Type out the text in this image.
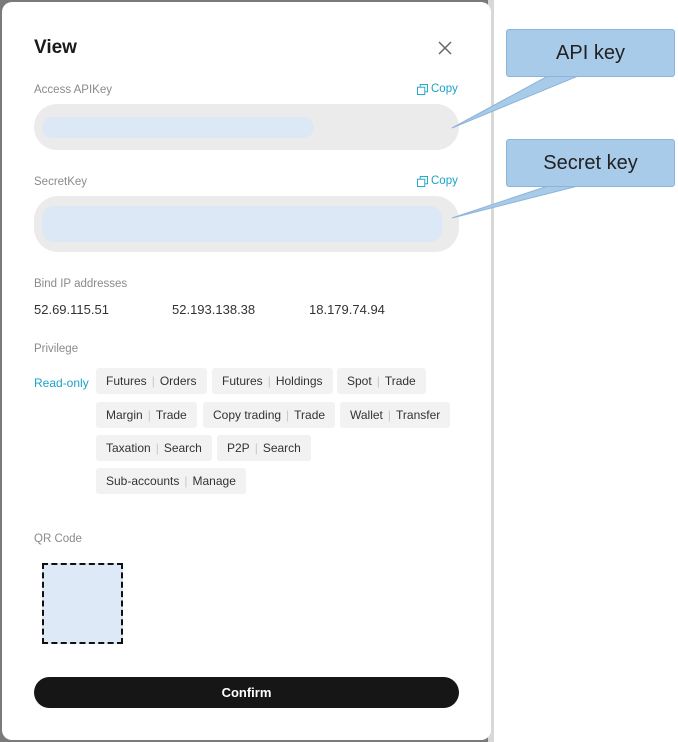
View
Access APIKey	Copy
SecretKey	Copy
Bind IP addresses
52.69.115.51	52.193.138.38	18.179.74.94
Privilege
Read-only Futures | Orders Futures | Holdings Spot | Trade
Margin | Trade Copy trading | Trade Wallet | Transfer
Taxation | Search P2P | Search
Sub-accounts | Manage
QR Code
Confirm
API key
Secret key
